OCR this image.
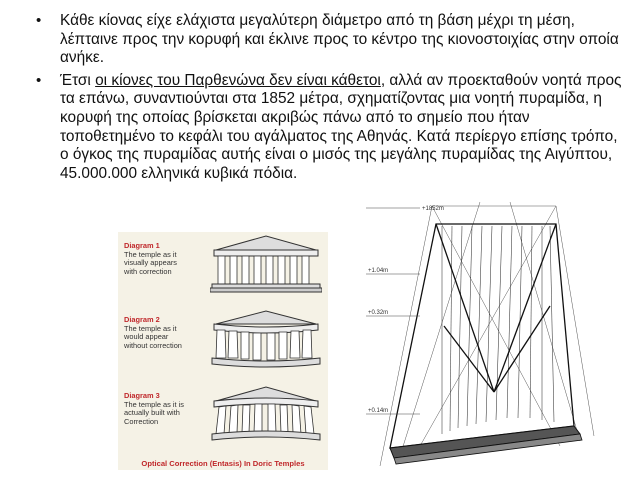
• Κάθε κίονας είχε ελάχιστα μεγαλύτερη διάμετρο από τη βάση μέχρι τη μέση, λέπταινε προς την κορυφή και έκλινε προς το κέντρο της κιονοστοιχίας στην οποία ανήκε.
• Έτσι οι κίονες του Παρθενώνα δεν είναι κάθετοι, αλλά αν προεκταθούν νοητά προς τα επάνω, συναντιούνται στα 1852 μέτρα, σχηματίζοντας μια νοητή πυραμίδα, η κορυφή της οποίας βρίσκεται ακριβώς πάνω από το σημείο που ήταν τοποθετημένο το κεφάλι του αγάλματος της Αθηνάς. Κατά περίεργο επίσης τρόπο, ο όγκος της πυραμίδας αυτής είναι ο μισός της μεγάλης πυραμίδας της Αιγύπτου, 45.000.000 ελληνικά κυβικά πόδια.
Diagram 1
The temple as it
visually appears
with correction
Diagram 2
The temple as it
would appear
without correction
Diagram 3
The temple as it is
actually built with
Correction
Optical Correction (Entasis) In Doric Temples
+1852m
+1.04m
+0.32m
+0.14m
